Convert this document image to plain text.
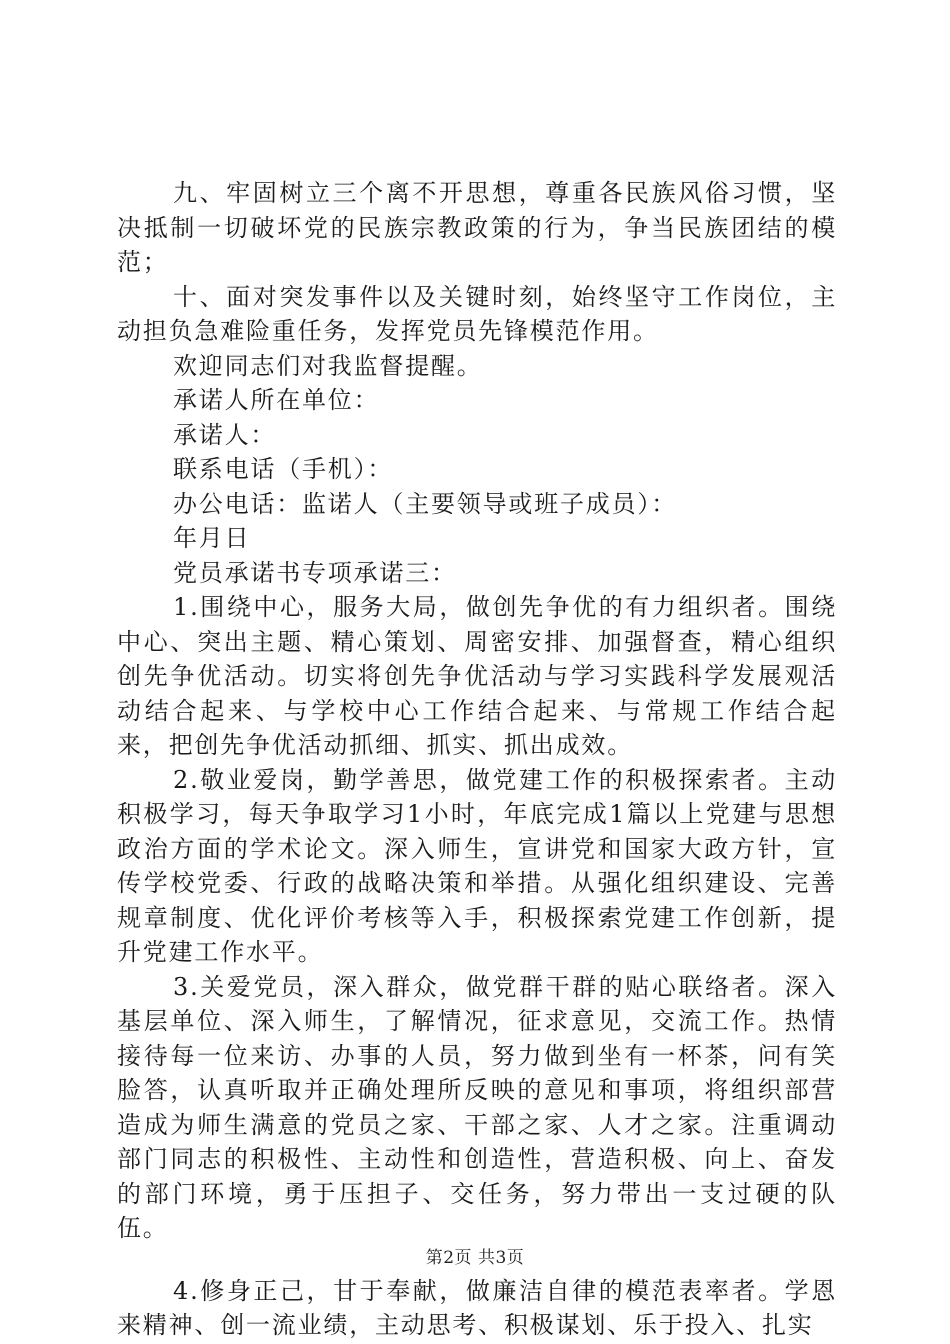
九、牢固树立三个离不开思想，尊重各民族风俗习惯，坚决抵制一切破坏党的民族宗教政策的行为，争当民族团结的模范；

十、面对突发事件以及关键时刻，始终坚守工作岗位，主动担负急难险重任务，发挥党员先锋模范作用。

欢迎同志们对我监督提醒。

承诺人所在单位：

承诺人：

联系电话（手机）：

办公电话：监诺人（主要领导或班子成员）：

年月日

党员承诺书专项承诺三：

1.围绕中心，服务大局，做创先争优的有力组织者。围绕中心、突出主题、精心策划、周密安排、加强督查，精心组织创先争优活动。切实将创先争优活动与学习实践科学发展观活动结合起来、与学校中心工作结合起来、与常规工作结合起来，把创先争优活动抓细、抓实、抓出成效。

2.敬业爱岗，勤学善思，做党建工作的积极探索者。主动积极学习，每天争取学习1小时，年底完成1篇以上党建与思想政治方面的学术论文。深入师生，宣讲党和国家大政方针，宣传学校党委、行政的战略决策和举措。从强化组织建设、完善规章制度、优化评价考核等入手，积极探索党建工作创新，提升党建工作水平。

3.关爱党员，深入群众，做党群干群的贴心联络者。深入基层单位、深入师生，了解情况，征求意见，交流工作。热情接待每一位来访、办事的人员，努力做到坐有一杯茶，问有笑脸答，认真听取并正确处理所反映的意见和事项，将组织部营造成为师生满意的党员之家、干部之家、人才之家。注重调动部门同志的积极性、主动性和创造性，营造积极、向上、奋发的部门环境，勇于压担子、交任务，努力带出一支过硬的队伍。

4.修身正己，甘于奉献，做廉洁自律的模范表率者。学恩来精神、创一流业绩，主动思考、积极谋划、乐于投入、扎实

第2页 共3页
